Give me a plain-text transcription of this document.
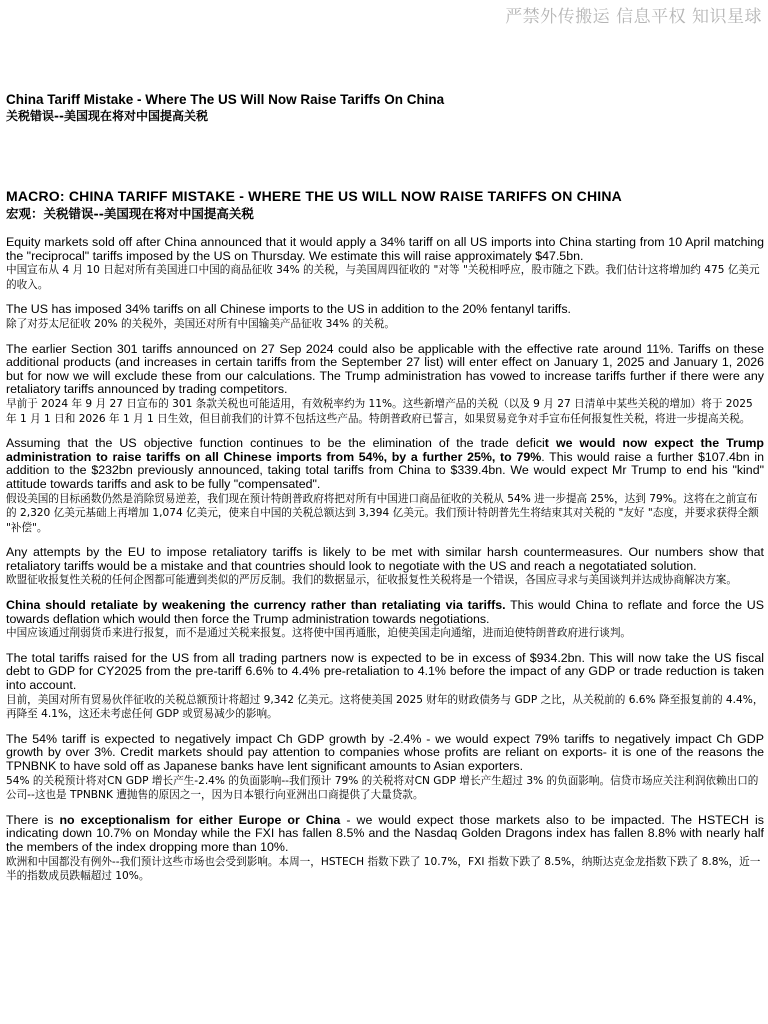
严禁外传搬运 信息平权 知识星球
China Tariff Mistake - Where The US Will Now Raise Tariffs On China
关税错误--美国现在将对中国提高关税
MACRO: CHINA TARIFF MISTAKE - WHERE THE US WILL NOW RAISE TARIFFS ON CHINA
宏观：关税错误--美国现在将对中国提高关税

Equity markets sold off after China announced that it would apply a 34% tariff on all US imports into China starting from 10 April matching the "reciprocal" tariffs imposed by the US on Thursday. We estimate this will raise approximately $47.5bn.

中国宣布从 4 月 10 日起对所有美国进口中国的商品征收 34% 的关税，与美国周四征收的 "对等 "关税相呼应，股市随之下跌。我们估计这将增加约 475 亿美元的收入。

The US has imposed 34% tariffs on all Chinese imports to the US in addition to the 20% fentanyl tariffs.

除了对芬太尼征收 20% 的关税外，美国还对所有中国输美产品征收 34% 的关税。

The earlier Section 301 tariffs announced on 27 Sep 2024 could also be applicable with the effective rate around 11%. Tariffs on these additional products (and increases in certain tariffs from the September 27 list) will enter effect on January 1, 2025 and January 1, 2026 but for now we will exclude these from our calculations. The Trump administration has vowed to increase tariffs further if there were any retaliatory tariffs announced by trading competitors.

早前于 2024 年 9 月 27 日宣布的 301 条款关税也可能适用，有效税率约为 11%。这些新增产品的关税（以及 9 月 27 日清单中某些关税的增加）将于 2025 年 1 月 1 日和 2026 年 1 月 1 日生效，但目前我们的计算不包括这些产品。特朗普政府已誓言，如果贸易竞争对手宣布任何报复性关税，将进一步提高关税。

Assuming that the US objective function continues to be the elimination of the trade deficit we would now expect the Trump administration to raise tariffs on all Chinese imports from 54%, by a further 25%, to 79%. This would raise a further $107.4bn in addition to the $232bn previously announced, taking total tariffs from China to $339.4bn. We would expect Mr Trump to end his "kind" attitude towards tariffs and ask to be fully "compensated".

假设美国的目标函数仍然是消除贸易逆差，我们现在预计特朗普政府将把对所有中国进口商品征收的关税从 54% 进一步提高 25%，达到 79%。这将在之前宣布的 2,320 亿美元基础上再增加 1,074 亿美元，使来自中国的关税总额达到 3,394 亿美元。我们预计特朗普先生将结束其对关税的 "友好 "态度，并要求获得全额 "补偿"。

Any attempts by the EU to impose retaliatory tariffs is likely to be met with similar harsh countermeasures. Our numbers show that retaliatory tariffs would be a mistake and that countries should look to negotiate with the US and reach a negotatiated solution.

欧盟征收报复性关税的任何企图都可能遭到类似的严厉反制。我们的数据显示，征收报复性关税将是一个错误，各国应寻求与美国谈判并达成协商解决方案。

China should retaliate by weakening the currency rather than retaliating via tariffs. This would China to reflate and force the US towards deflation which would then force the Trump administration towards negotiations.

中国应该通过削弱货币来进行报复，而不是通过关税来报复。这将使中国再通胀，迫使美国走向通缩，进而迫使特朗普政府进行谈判。

The total tariffs raised for the US from all trading partners now is expected to be in excess of $934.2bn. This will now take the US fiscal debt to GDP for CY2025 from the pre-tariff 6.6% to 4.4% pre-retaliation to 4.1% before the impact of any GDP or trade reduction is taken into account.

目前，美国对所有贸易伙伴征收的关税总额预计将超过 9,342 亿美元。这将使美国 2025 财年的财政债务与 GDP 之比，从关税前的 6.6% 降至报复前的 4.4%，再降至 4.1%，这还未考虑任何 GDP 或贸易减少的影响。

The 54% tariff is expected to negatively impact Ch GDP growth by -2.4% - we would expect 79% tariffs to negatively impact Ch GDP growth by over 3%. Credit markets should pay attention to companies whose profits are reliant on exports- it is one of the reasons the TPNBNK to have sold off as Japanese banks have lent significant amounts to Asian exporters.

54% 的关税预计将对CN GDP 增长产生-2.4% 的负面影响--我们预计 79% 的关税将对CN GDP 增长产生超过 3% 的负面影响。信贷市场应关注利润依赖出口的公司--这也是 TPNBNK 遭抛售的原因之一，因为日本银行向亚洲出口商提供了大量贷款。

There is no exceptionalism for either Europe or China - we would expect those markets also to be impacted. The HSTECH is indicating down 10.7% on Monday while the FXI has fallen 8.5% and the Nasdaq Golden Dragons index has fallen 8.8% with nearly half the members of the index dropping more than 10%.

欧洲和中国都没有例外--我们预计这些市场也会受到影响。本周一，HSTECH 指数下跌了 10.7%，FXI 指数下跌了 8.5%，纳斯达克金龙指数下跌了 8.8%，近一半的指数成员跌幅超过 10%。
